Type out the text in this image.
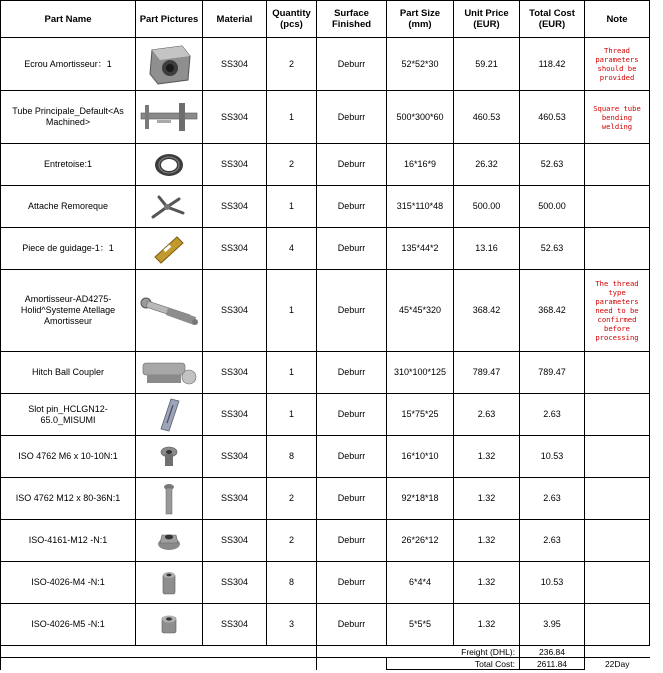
Part Name	Part Pictures	Material	Quantity (pcs)	Surface Finished	Part Size (mm)	Unit Price (EUR)	Total Cost (EUR)	Note
Ecrou Amortisseur：1		SS304	2	Deburr	52*52*30	59.21	118.42	Thread parameters should be provided
Tube Principale_Default<As Machined>		SS304	1	Deburr	500*300*60	460.53	460.53	Square tube bending welding
Entretoise:1		SS304	2	Deburr	16*16*9	26.32	52.63	
Attache Remoreque		SS304	1	Deburr	315*110*48	500.00	500.00	
Piece de guidage-1：1		SS304	4	Deburr	135*44*2	13.16	52.63	
Amortisseur-AD4275-Holid^Systeme Atellage Amortisseur		SS304	1	Deburr	45*45*320	368.42	368.42	The thread type parameters need to be confirmed before processing
Hitch Ball Coupler		SS304	1	Deburr	310*100*125	789.47	789.47	
Slot pin_HCLGN12-65.0_MISUMI		SS304	1	Deburr	15*75*25	2.63	2.63	
ISO 4762 M6 x 10-10N:1		SS304	8	Deburr	16*10*10	1.32	10.53	
ISO 4762 M12 x 80-36N:1		SS304	2	Deburr	92*18*18	1.32	2.63	
ISO-4161-M12 -N:1		SS304	2	Deburr	26*26*12	1.32	2.63	
ISO-4026-M4 -N:1		SS304	8	Deburr	6*4*4	1.32	10.53	
ISO-4026-M5 -N:1		SS304	3	Deburr	5*5*5	1.32	3.95	
				Freight (DHL):			236.84	
					Total Cost:		2611.84	22Day
